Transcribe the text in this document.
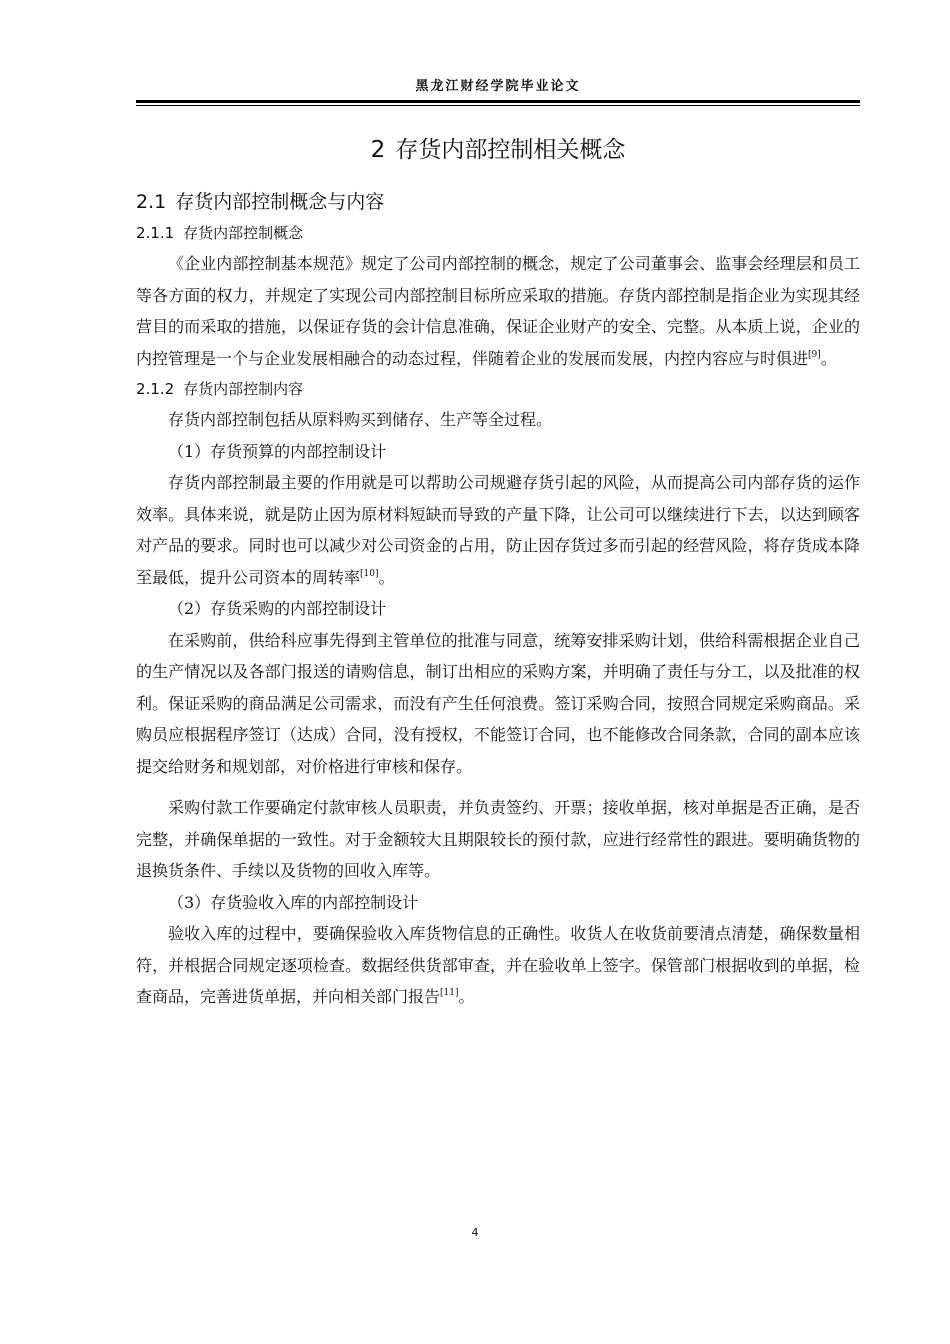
黑龙江财经学院毕业论文
2 存货内部控制相关概念
2.1 存货内部控制概念与内容
2.1.1 存货内部控制概念

《企业内部控制基本规范》规定了公司内部控制的概念，规定了公司董事会、监事会经理层和员工等各方面的权力，并规定了实现公司内部控制目标所应采取的措施。存货内部控制是指企业为实现其经营目的而采取的措施，以保证存货的会计信息准确，保证企业财产的安全、完整。从本质上说，企业的内控管理是一个与企业发展相融合的动态过程，伴随着企业的发展而发展，内控内容应与时俱进[9]。

2.1.2 存货内部控制内容

存货内部控制包括从原料购买到储存、生产等全过程。

（1）存货预算的内部控制设计

存货内部控制最主要的作用就是可以帮助公司规避存货引起的风险，从而提高公司内部存货的运作效率。具体来说，就是防止因为原材料短缺而导致的产量下降，让公司可以继续进行下去，以达到顾客对产品的要求。同时也可以减少对公司资金的占用，防止因存货过多而引起的经营风险，将存货成本降至最低，提升公司资本的周转率[10]。

（2）存货采购的内部控制设计

在采购前，供给科应事先得到主管单位的批准与同意，统筹安排采购计划，供给科需根据企业自己的生产情况以及各部门报送的请购信息，制订出相应的采购方案，并明确了责任与分工，以及批准的权利。保证采购的商品满足公司需求，而没有产生任何浪费。签订采购合同，按照合同规定采购商品。采购员应根据程序签订（达成）合同，没有授权，不能签订合同，也不能修改合同条款，合同的副本应该提交给财务和规划部，对价格进行审核和保存。

采购付款工作要确定付款审核人员职责，并负责签约、开票；接收单据，核对单据是否正确，是否完整，并确保单据的一致性。对于金额较大且期限较长的预付款，应进行经常性的跟进。要明确货物的退换货条件、手续以及货物的回收入库等。

（3）存货验收入库的内部控制设计

验收入库的过程中，要确保验收入库货物信息的正确性。收货人在收货前要清点清楚，确保数量相符，并根据合同规定逐项检查。数据经供货部审查，并在验收单上签字。保管部门根据收到的单据，检查商品，完善进货单据，并向相关部门报告[11]。

4
